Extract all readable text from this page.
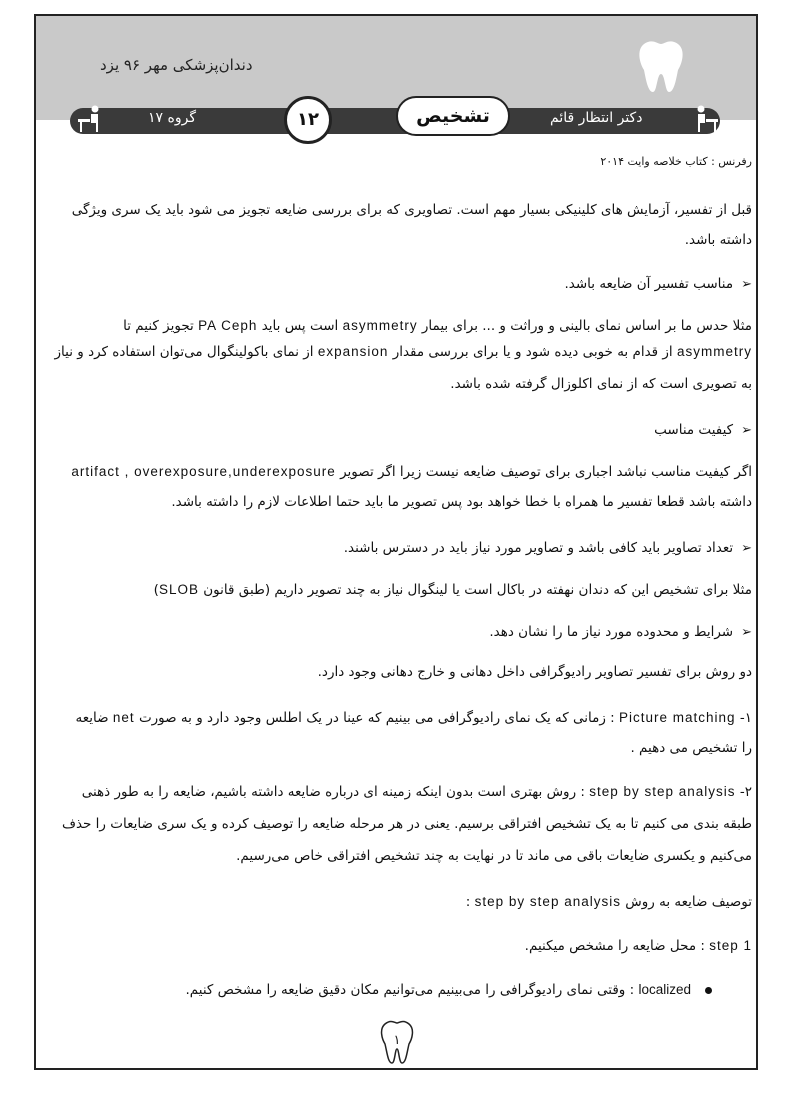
دندان‌پزشکی مهر ۹۶ یزد
گروه ۱۷	۱۲	تشخیص	دکتر انتظار قائم
رفرنس : کتاب خلاصه وایت ۲۰۱۴
قبل از تفسیر، آزمایش های کلینیکی بسیار مهم است. تصاویری که برای بررسی ضایعه تجویز می شود باید یک سری ویژگی
داشته باشد.
➢مناسب تفسیر آن ضایعه باشد.
مثلا حدس ما بر اساس نمای بالینی و وراثت و ... برای بیمار asymmetry است پس باید PA Ceph تجویز کنیم تا
asymmetry از قدام به خوبی دیده شود و یا برای بررسی مقدار expansion از نمای باکولینگوال می‌توان استفاده کرد و نیاز
به تصویری است که از نمای اکلوزال گرفته شده باشد.
➢کیفیت مناسب
اگر کیفیت مناسب نباشد اجباری برای توصیف ضایعه نیست زیرا اگر تصویر artifact , overexposure,underexposure
داشته باشد قطعا تفسیر ما همراه با خطا خواهد بود پس تصویر ما باید حتما اطلاعات لازم را داشته باشد.
➢تعداد تصاویر باید کافی باشد و تصاویر مورد نیاز باید در دسترس باشند.
مثلا برای تشخیص این که دندان نهفته در باکال است یا لینگوال نیاز به چند تصویر داریم (طبق قانون SLOB)
➢شرایط و محدوده مورد نیاز ما را نشان دهد.
دو روش برای تفسیر تصاویر رادیوگرافی داخل دهانی و خارج دهانی وجود دارد.
۱- Picture matching : زمانی که یک نمای رادیوگرافی می بینیم که عینا در یک اطلس وجود دارد و به صورت net ضایعه
را تشخیص می دهیم .
۲- step by step analysis : روش بهتری است بدون اینکه زمینه ای درباره ضایعه داشته باشیم، ضایعه را به طور ذهنی
طبقه بندی می کنیم تا به یک تشخیص افتراقی برسیم. یعنی در هر مرحله ضایعه را توصیف کرده و یک سری ضایعات را حذف
می‌کنیم و یکسری ضایعات باقی می ماند تا در نهایت به چند تشخیص افتراقی خاص می‌رسیم.
توصیف ضایعه به روش step by step analysis :
step 1 : محل ضایعه را مشخص میکنیم.
localized : وقتی نمای رادیوگرافی را می‌بینیم می‌توانیم مکان دقیق ضایعه را مشخص کنیم.
۱
